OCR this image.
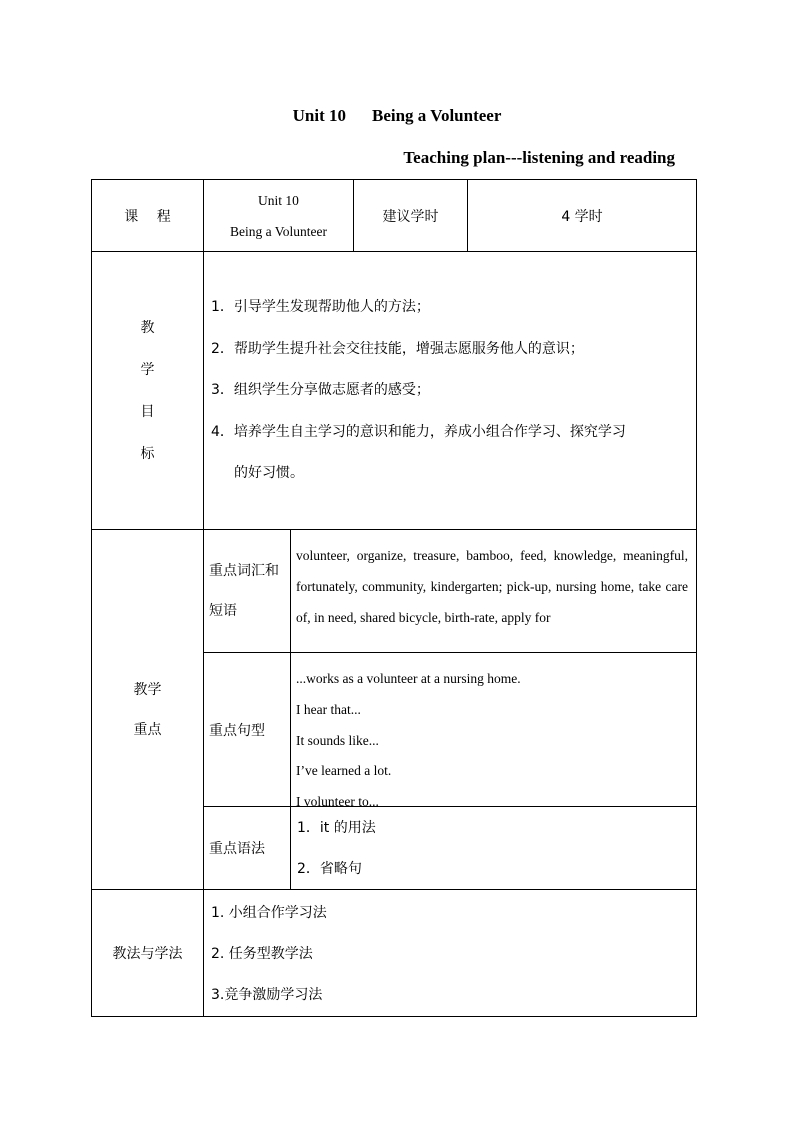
Unit 10 Being a Volunteer
Teaching plan---listening and reading
课　 程
Unit 10
Being a Volunteer
建议学时	4 学时
教
学
目
标
1．引导学生发现帮助他人的方法；
2．帮助学生提升社会交往技能，增强志愿服务他人的意识；
3．组织学生分享做志愿者的感受；
4．培养学生自主学习的意识和能力，养成小组合作学习、探究学习
的好习惯。
教学
重点
重点词汇和短语
volunteer, organize, treasure, bamboo, feed, knowledge, meaningful, fortunately, community, kindergarten; pick-up, nursing home, take care of, in need, shared bicycle, birth-rate, apply for
重点句型
...works as a volunteer at a nursing home.
I hear that...
It sounds like...
I’ve learned a lot.
I volunteer to...
重点语法
1．it 的用法
2．省略句
教法与学法
1. 小组合作学习法
2. 任务型教学法
3.竞争激励学习法
